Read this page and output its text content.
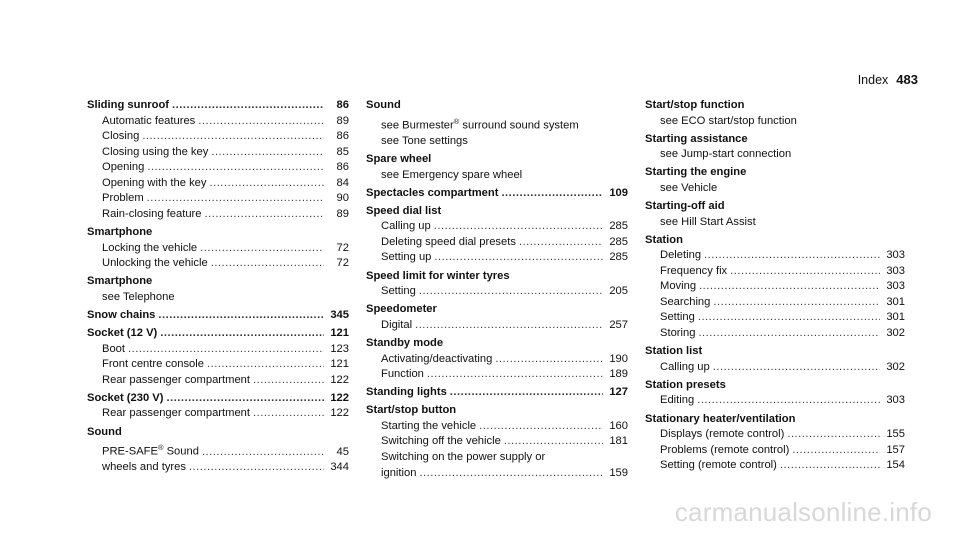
Index 483
Sliding sunroof .....	86
Automatic features .....	89
Closing .....	86
Closing using the key .....	85
Opening .....	86
Opening with the key .....	84
Problem .....	90
Rain-closing feature .....	89
Smartphone
Locking the vehicle .....	72
Unlocking the vehicle .....	72
Smartphone
see Telephone
Snow chains .....	345
Socket (12 V) .....	121
Boot .....	123
Front centre console .....	121
Rear passenger compartment .....	122
Socket (230 V) .....	122
Rear passenger compartment .....	122
Sound
PRE-SAFE® Sound .....	45
wheels and tyres .....	344
Sound
see Burmester® surround sound system
see Tone settings
Spare wheel
see Emergency spare wheel
Spectacles compartment .....	109
Speed dial list
Calling up .....	285
Deleting speed dial presets .....	285
Setting up .....	285
Speed limit for winter tyres
Setting .....	205
Speedometer
Digital .....	257
Standby mode
Activating/deactivating .....	190
Function .....	189
Standing lights .....	127
Start/stop button
Starting the vehicle .....	160
Switching off the vehicle .....	181
Switching on the power supply or
ignition .....	159
Start/stop function
see ECO start/stop function
Starting assistance
see Jump-start connection
Starting the engine
see Vehicle
Starting-off aid
see Hill Start Assist
Station
Deleting .....	303
Frequency fix .....	303
Moving .....	303
Searching .....	301
Setting .....	301
Storing .....	302
Station list
Calling up .....	302
Station presets
Editing .....	303
Stationary heater/ventilation
Displays (remote control) .....	155
Problems (remote control) .....	157
Setting (remote control) .....	154
carmanualsonline.info
